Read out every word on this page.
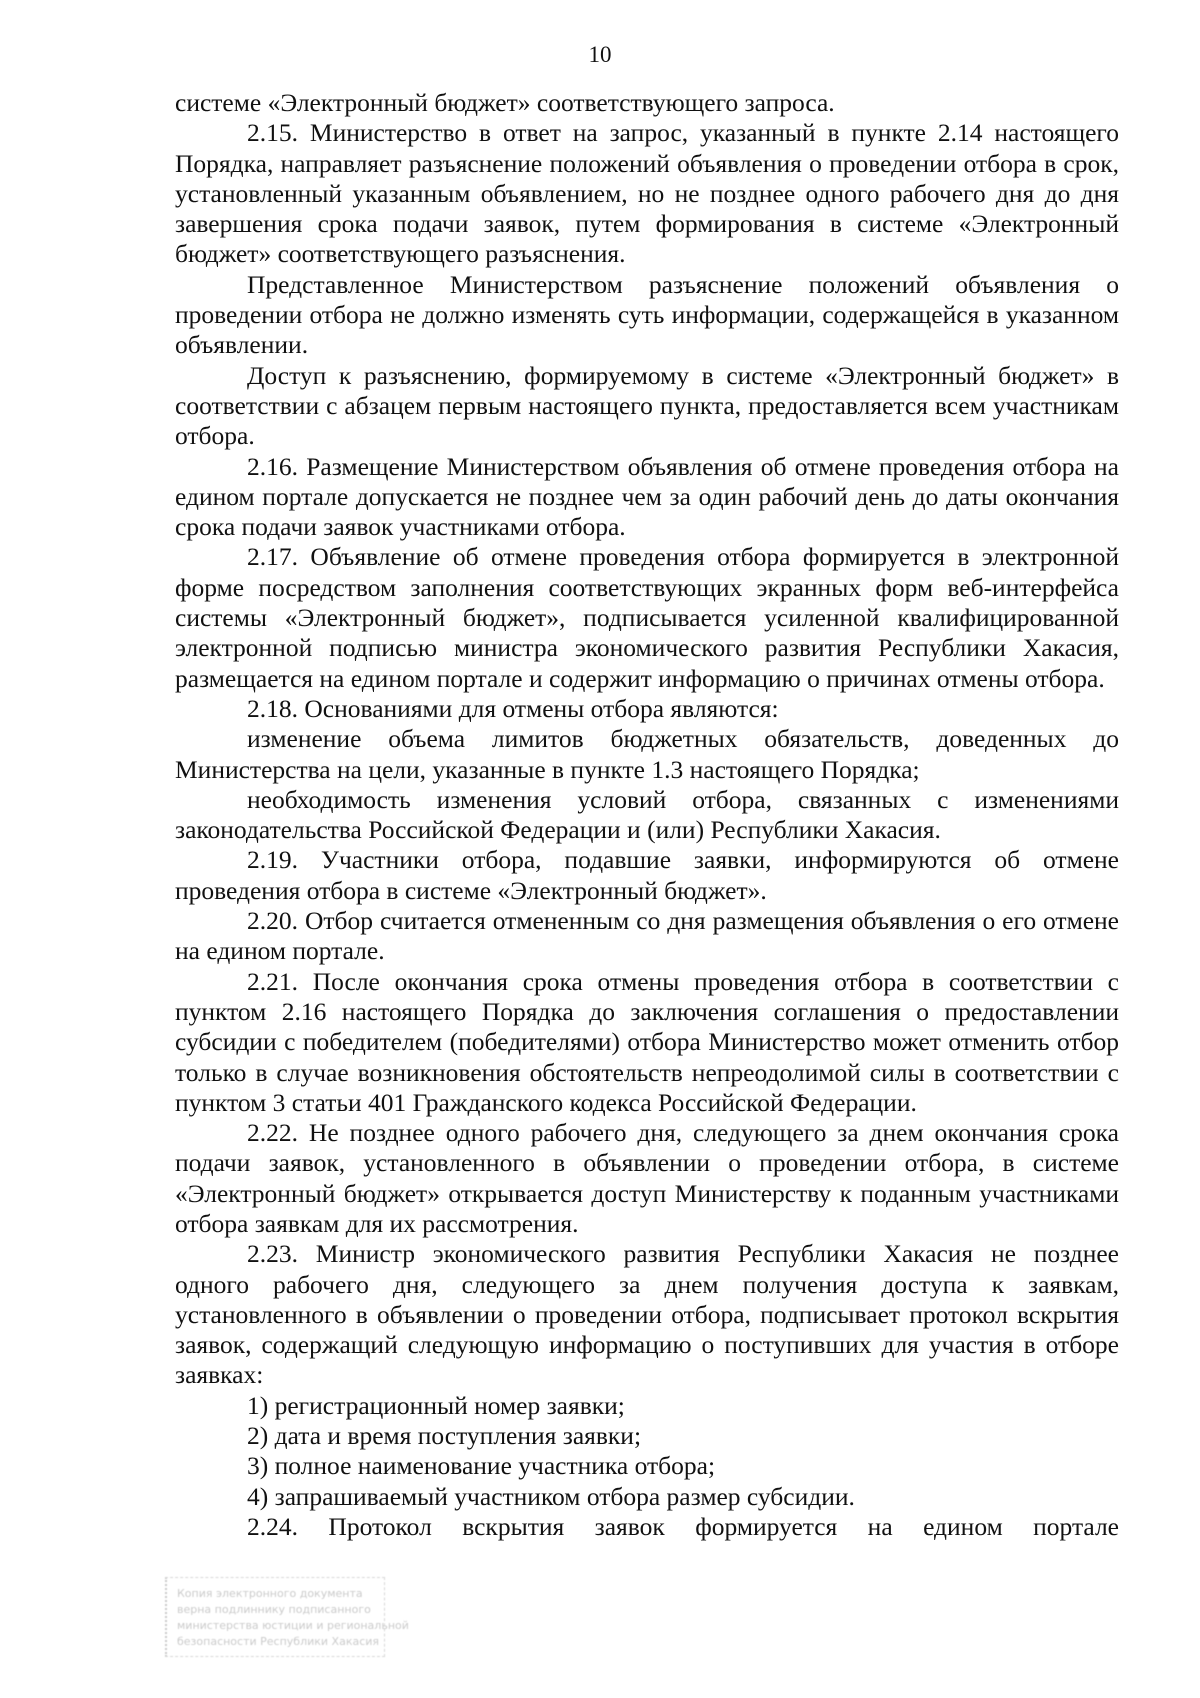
10

системе «Электронный бюджет» соответствующего запроса.

2.15. Министерство в ответ на запрос, указанный в пункте 2.14 настоящего Порядка, направляет разъяснение положений объявления о проведении отбора в срок, установленный указанным объявлением, но не позднее одного рабочего дня до дня завершения срока подачи заявок, путем формирования в системе «Электронный бюджет» соответствующего разъяснения.

Представленное Министерством разъяснение положений объявления о проведении отбора не должно изменять суть информации, содержащейся в указанном объявлении.

Доступ к разъяснению, формируемому в системе «Электронный бюджет» в соответствии с абзацем первым настоящего пункта, предоставляется всем участникам отбора.

2.16. Размещение Министерством объявления об отмене проведения отбора на едином портале допускается не позднее чем за один рабочий день до даты окончания срока подачи заявок участниками отбора.

2.17. Объявление об отмене проведения отбора формируется в электронной форме посредством заполнения соответствующих экранных форм веб-интерфейса системы «Электронный бюджет», подписывается усиленной квалифицированной электронной подписью министра экономического развития Республики Хакасия, размещается на едином портале и содержит информацию о причинах отмены отбора.

2.18. Основаниями для отмены отбора являются:

изменение объема лимитов бюджетных обязательств, доведенных до Министерства на цели, указанные в пункте 1.3 настоящего Порядка;

необходимость изменения условий отбора, связанных с изменениями законодательства Российской Федерации и (или) Республики Хакасия.

2.19. Участники отбора, подавшие заявки, информируются об отмене проведения отбора в системе «Электронный бюджет».

2.20. Отбор считается отмененным со дня размещения объявления о его отмене на едином портале.

2.21. После окончания срока отмены проведения отбора в соответствии с пунктом 2.16 настоящего Порядка до заключения соглашения о предоставлении субсидии с победителем (победителями) отбора Министерство может отменить отбор только в случае возникновения обстоятельств непреодолимой силы в соответствии с пунктом 3 статьи 401 Гражданского кодекса Российской Федерации.

2.22. Не позднее одного рабочего дня, следующего за днем окончания срока подачи заявок, установленного в объявлении о проведении отбора, в системе «Электронный бюджет» открывается доступ Министерству к поданным участниками отбора заявкам для их рассмотрения.

2.23. Министр экономического развития Республики Хакасия не позднее одного рабочего дня, следующего за днем получения доступа к заявкам, установленного в объявлении о проведении отбора, подписывает протокол вскрытия заявок, содержащий следующую информацию о поступивших для участия в отборе заявках:

1) регистрационный номер заявки;

2) дата и время поступления заявки;

3) полное наименование участника отбора;

4) запрашиваемый участником отбора размер субсидии.

2.24. Протокол вскрытия заявок формируется на едином портале

Копия электронного документа
верна подлиннику подписанного
министерства юстиции и региональной
безопасности Республики Хакасия
